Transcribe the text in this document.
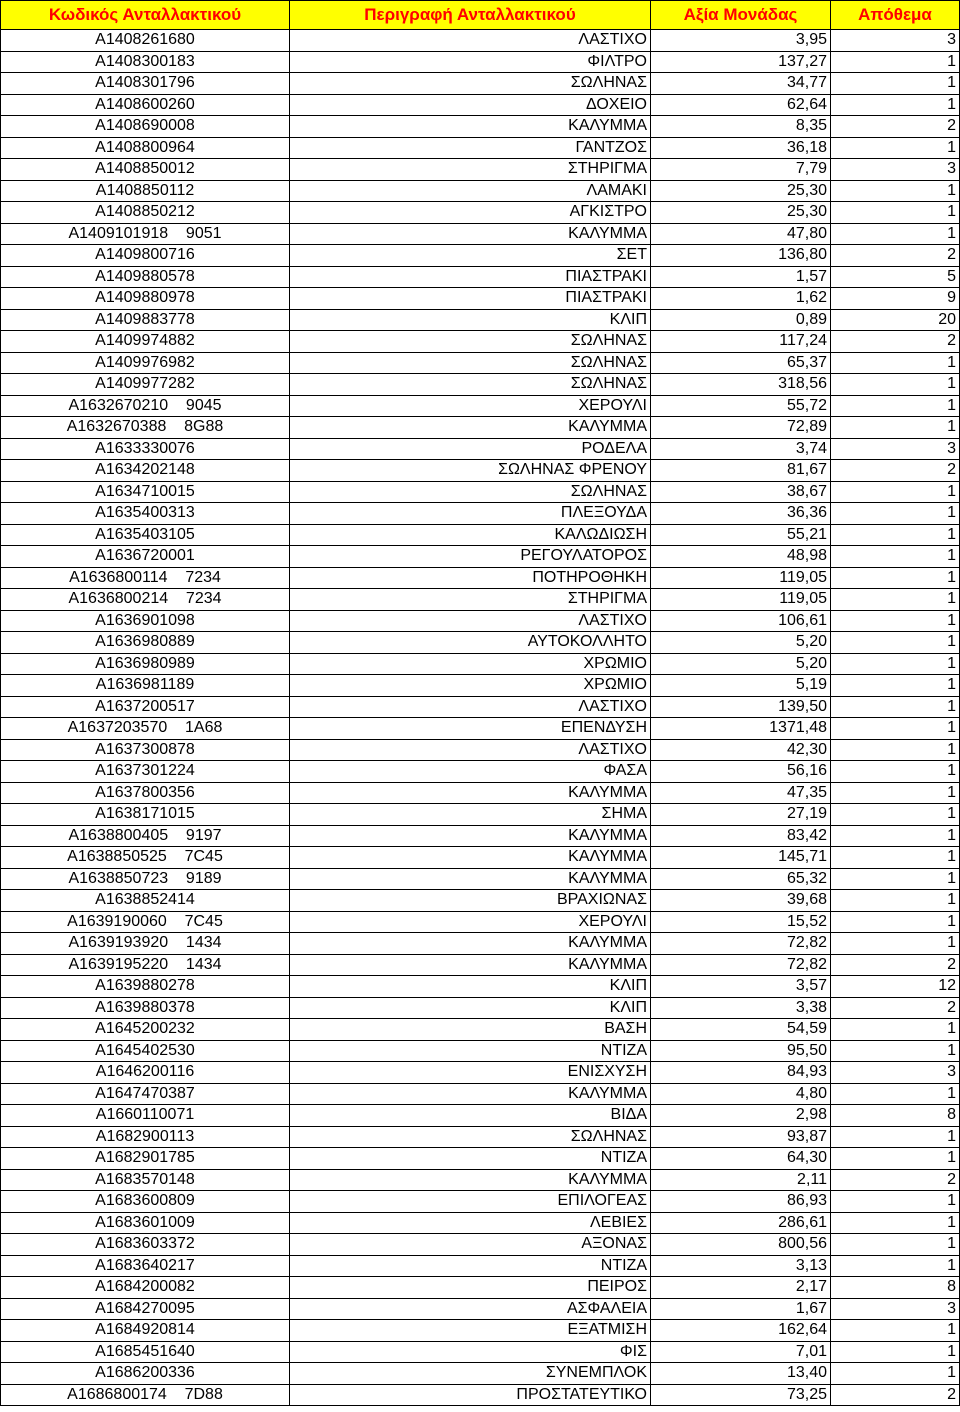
Κωδικός Ανταλλακτικού	Περιγραφή Ανταλλακτικού	Αξία Μονάδας	Απόθεμα
A1408261680	ΛΑΣΤΙΧΟ	3,95	3
A1408300183	ΦΙΛΤΡΟ	137,27	1
A1408301796	ΣΩΛΗΝΑΣ	34,77	1
A1408600260	ΔΟΧΕΙΟ	62,64	1
A1408690008	ΚΑΛΥΜΜΑ	8,35	2
A1408800964	ΓΑΝΤΖΟΣ	36,18	1
A1408850012	ΣΤΗΡΙΓΜΑ	7,79	3
A1408850112	ΛΑΜΑΚΙ	25,30	1
A1408850212	ΑΓΚΙΣΤΡΟ	25,30	1
A1409101918    9051	ΚΑΛΥΜΜΑ	47,80	1
A1409800716	ΣΕΤ	136,80	2
A1409880578	ΠΙΑΣΤΡΑΚΙ	1,57	5
A1409880978	ΠΙΑΣΤΡΑΚΙ	1,62	9
A1409883778	ΚΛΙΠ	0,89	20
A1409974882	ΣΩΛΗΝΑΣ	117,24	2
A1409976982	ΣΩΛΗΝΑΣ	65,37	1
A1409977282	ΣΩΛΗΝΑΣ	318,56	1
A1632670210    9045	ΧΕΡΟΥΛΙ	55,72	1
A1632670388    8G88	ΚΑΛΥΜΜΑ	72,89	1
A1633330076	ΡΟΔΕΛΑ	3,74	3
A1634202148	ΣΩΛΗΝΑΣ ΦΡΕΝΟΥ	81,67	2
A1634710015	ΣΩΛΗΝΑΣ	38,67	1
A1635400313	ΠΛΕΞΟΥΔΑ	36,36	1
A1635403105	ΚΑΛΩΔΙΩΣΗ	55,21	1
A1636720001	ΡΕΓΟΥΛΑΤΟΡΟΣ	48,98	1
A1636800114    7234	ΠΟΤΗΡΟΘΗΚΗ	119,05	1
A1636800214    7234	ΣΤΗΡΙΓΜΑ	119,05	1
A1636901098	ΛΑΣΤΙΧΟ	106,61	1
A1636980889	ΑΥΤΟΚΟΛΛΗΤΟ	5,20	1
A1636980989	ΧΡΩΜΙΟ	5,20	1
A1636981189	ΧΡΩΜΙΟ	5,19	1
A1637200517	ΛΑΣΤΙΧΟ	139,50	1
A1637203570    1A68	ΕΠΕΝΔΥΣΗ	1371,48	1
A1637300878	ΛΑΣΤΙΧΟ	42,30	1
A1637301224	ΦΑΣΑ	56,16	1
A1637800356	ΚΑΛΥΜΜΑ	47,35	1
A1638171015	ΣΗΜΑ	27,19	1
A1638800405    9197	ΚΑΛΥΜΜΑ	83,42	1
A1638850525    7C45	ΚΑΛΥΜΜΑ	145,71	1
A1638850723    9189	ΚΑΛΥΜΜΑ	65,32	1
A1638852414	ΒΡΑΧΙΩΝΑΣ	39,68	1
A1639190060    7C45	ΧΕΡΟΥΛΙ	15,52	1
A1639193920    1434	ΚΑΛΥΜΜΑ	72,82	1
A1639195220    1434	ΚΑΛΥΜΜΑ	72,82	2
A1639880278	ΚΛΙΠ	3,57	12
A1639880378	ΚΛΙΠ	3,38	2
A1645200232	ΒΑΣΗ	54,59	1
A1645402530	ΝΤΙΖΑ	95,50	1
A1646200116	ΕΝΙΣΧΥΣΗ	84,93	3
A1647470387	ΚΑΛΥΜΜΑ	4,80	1
A1660110071	ΒΙΔΑ	2,98	8
A1682900113	ΣΩΛΗΝΑΣ	93,87	1
A1682901785	ΝΤΙΖΑ	64,30	1
A1683570148	ΚΑΛΥΜΜΑ	2,11	2
A1683600809	ΕΠΙΛΟΓΕΑΣ	86,93	1
A1683601009	ΛΕΒΙΕΣ	286,61	1
A1683603372	ΑΞΟΝΑΣ	800,56	1
A1683640217	ΝΤΙΖΑ	3,13	1
A1684200082	ΠΕΙΡΟΣ	2,17	8
A1684270095	ΑΣΦΑΛΕΙΑ	1,67	3
A1684920814	ΕΞΑΤΜΙΣΗ	162,64	1
A1685451640	ΦΙΣ	7,01	1
A1686200336	ΣΥΝΕΜΠΛΟΚ	13,40	1
A1686800174    7D88	ΠΡΟΣΤΑΤΕΥΤΙΚΟ	73,25	2
